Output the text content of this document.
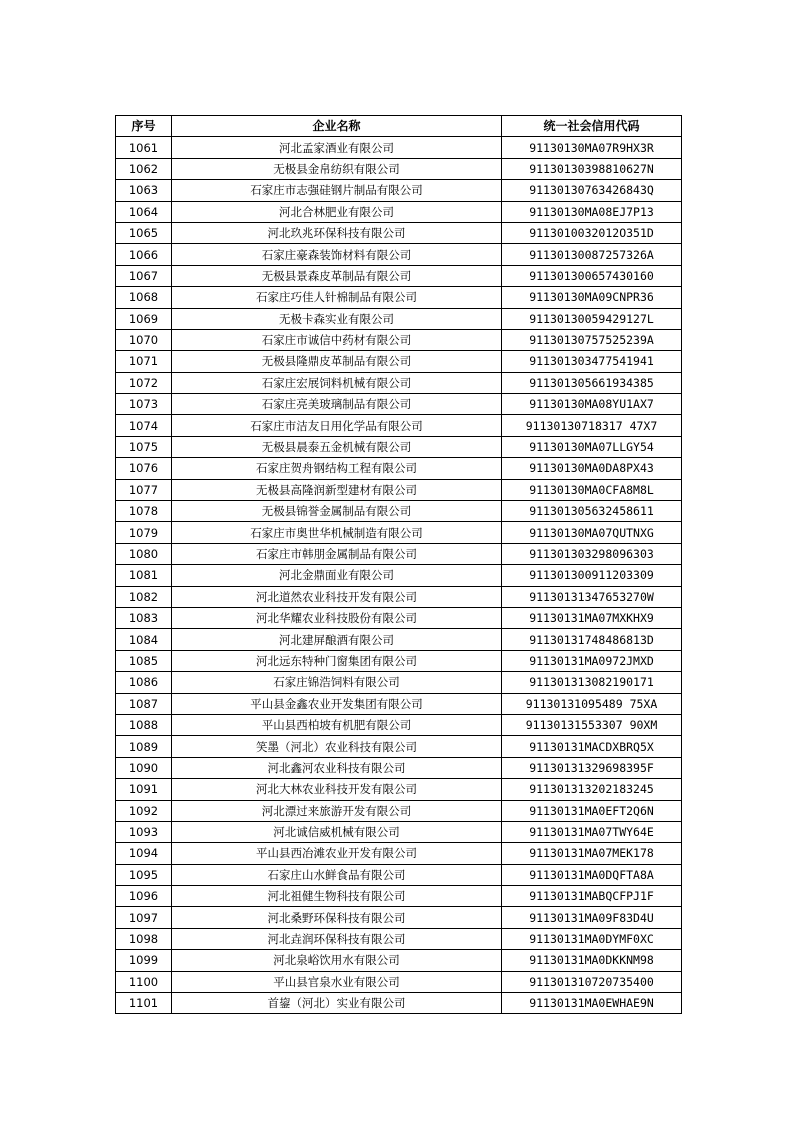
序号	企业名称	统一社会信用代码
1061	河北孟家酒业有限公司	91130130MA07R9HX3R
1062	无极县金帛纺织有限公司	91130130398810627N
1063	石家庄市志强硅钢片制品有限公司	91130130763426843Q
1064	河北合林肥业有限公司	91130130MA08EJ7P13
1065	河北玖兆环保科技有限公司	9113010032012O351D
1066	石家庄豪森装饰材料有限公司	91130130087257326A
1067	无极县景森皮革制品有限公司	911301300657430160
1068	石家庄巧佳人针棉制品有限公司	91130130MA09CNPR36
1069	无极卡森实业有限公司	91130130059429127L
1070	石家庄市诚信中药材有限公司	91130130757525239A
1071	无极县隆鼎皮革制品有限公司	911301303477541941
1072	石家庄宏展饲料机械有限公司	911301305661934385
1073	石家庄亮美玻璃制品有限公司	91130130MA08YU1AX7
1074	石家庄市洁友日用化学品有限公司	91130130718317 47X7
1075	无极县晨泰五金机械有限公司	91130130MA07LLGY54
1076	石家庄贺舟钢结构工程有限公司	91130130MA0DA8PX43
1077	无极县高隆润新型建材有限公司	91130130MA0CFA8M8L
1078	无极县锦誉金属制品有限公司	911301305632458611
1079	石家庄市奥世华机械制造有限公司	91130130MA07QUTNXG
1080	石家庄市韩朋金属制品有限公司	911301303298096303
1081	河北金鼎面业有限公司	911301300911203309
1082	河北道然农业科技开发有限公司	91130131347653270W
1083	河北华耀农业科技股份有限公司	91130131MA07MXKHX9
1084	河北建屏酿酒有限公司	91130131748486813D
1085	河北远东特种门窗集团有限公司	91130131MA0972JMXD
1086	石家庄锦浩饲料有限公司	911301313082190171
1087	平山县金鑫农业开发集团有限公司	91130131095489 75XA
1088	平山县西柏坡有机肥有限公司	91130131553307 90XM
1089	笑墨（河北）农业科技有限公司	91130131MACDXBRQ5X
1090	河北鑫河农业科技有限公司	91130131329698395F
1091	河北大林农业科技开发有限公司	911301313202183245
1092	河北漂过来旅游开发有限公司	91130131MA0EFT2Q6N
1093	河北诚信威机械有限公司	91130131MA07TWY64E
1094	平山县西冶滩农业开发有限公司	91130131MA07MEK178
1095	石家庄山水鲜食品有限公司	91130131MA0DQFTA8A
1096	河北祖健生物科技有限公司	91130131MABQCFPJ1F
1097	河北桑野环保科技有限公司	91130131MA09F83D4U
1098	河北垚润环保科技有限公司	91130131MA0DYMF0XC
1099	河北泉峪饮用水有限公司	91130131MA0DKKNM98
1100	平山县官泉水业有限公司	911301310720735400
1101	首鋆（河北）实业有限公司	91130131MA0EWHAE9N
